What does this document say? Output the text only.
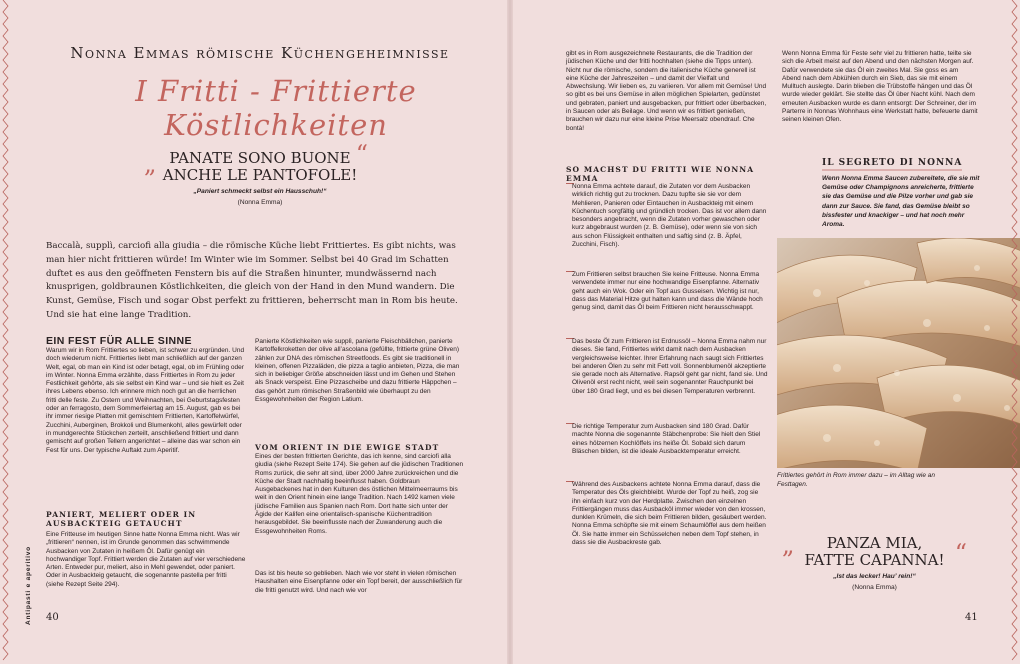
Nonna Emmas römische Küchengeheimnisse
I Fritti - Frittierte Köstlichkeiten
„	“
PANATE SONO BUONE
ANCHE LE PANTOFOLE!
„Paniert schmeckt selbst ein Hausschuh!“
(Nonna Emma)
Baccalà, supplì, carciofi alla giudia – die römische Küche liebt Frittiertes. Es gibt nichts, was man hier nicht frittieren würde! Im Winter wie im Sommer. Selbst bei 40 Grad im Schatten duftet es aus den geöffneten Fenstern bis auf die Straßen hinunter, mundwässernd nach knusprigen, goldbraunen Köstlichkeiten, die gleich von der Hand in den Mund wandern. Die Kunst, Gemüse, Fisch und sogar Obst perfekt zu frittieren, beherrscht man in Rom bis heute. Und sie hat eine lange Tradition.
EIN FEST FÜR ALLE SINNE
Warum wir in Rom Frittiertes so lieben, ist schwer zu ergründen. Und doch wiederum nicht. Frittiertes liebt man schließlich auf der ganzen Welt, egal, ob man ein Kind ist oder betagt, egal, ob im Frühling oder im Winter. Nonna Emma erzählte, dass Frittiertes in Rom zu jeder Festlichkeit gehörte, als sie selbst ein Kind war – und sie hielt es Zeit ihres Lebens ebenso. Ich erinnere mich noch gut an die herrlichen fritti delle feste. Zu Ostern und Weihnachten, bei Geburtstagsfesten oder an ferragosto, dem Sommerfeiertag am 15. August, gab es bei ihr immer riesige Platten mit gemischtem Frittierten, Kartoffelwürfel, Zucchini, Auberginen, Brokkoli und Blumenkohl, alles gewürfelt oder in mundgerechte Stückchen zerteilt, anschließend frittiert und dann gemischt auf großen Tellern angerichtet – alleine das war schon ein Fest für uns. Der typische Auftakt zum Aperitif.
PANIERT, MELIERT ODER IN AUSBACKTEIG GETAUCHT
Eine Fritteuse im heutigen Sinne hatte Nonna Emma nicht. Was wir „frittieren“ nennen, ist im Grunde genommen das schwimmende Ausbacken von Zutaten in heißem Öl. Dafür genügt ein hochwandiger Topf. Frittiert werden die Zutaten auf vier verschiedene Arten. Entweder pur, meliert, also in Mehl gewendet, oder paniert. Oder in Ausbackteig getaucht, die sogenannte pastella per fritti (siehe Rezept Seite 294).
Panierte Köstlichkeiten wie supplì, panierte Fleischbällchen, panierte Kartoffelkroketten der olive all’ascolana (gefüllte, frittierte grüne Oliven) zählen zur DNA des römischen Streetfoods. Es gibt sie traditionell in kleinen, offenen Pizzaläden, die pizza a taglio anbieten, Pizza, die man sich in beliebiger Größe abschneiden lässt und im Gehen und Stehen als Snack verspeist. Eine Pizzascheibe und dazu frittierte Häppchen – das gehört zum römischen Straßenbild wie überhaupt zu den Essgewohnheiten der Region Latium.
VOM ORIENT IN DIE EWIGE STADT
Eines der besten frittierten Gerichte, das ich kenne, sind carciofi alla giudia (siehe Rezept Seite 174). Sie gehen auf die jüdischen Traditionen Roms zurück, die sehr alt sind, über 2000 Jahre zurückreichen und die Küche der Stadt nachhaltig beeinflusst haben. Goldbraun Ausgebackenes hat in den Kulturen des östlichen Mittelmeerraums bis weit in den Orient hinein eine lange Tradition. Nach 1492 kamen viele jüdische Familien aus Spanien nach Rom. Dort hatte sich unter der Ägide der Kalifen eine orientalisch-spanische Küchentradition herausgebildet. Sie beeinflusste nach der Zuwanderung auch die Essgewohnheiten Roms.
Das ist bis heute so geblieben. Nach wie vor steht in vielen römischen Haushalten eine Eisenpfanne oder ein Topf bereit, der ausschließlich für die fritti genutzt wird. Und nach wie vor
Antipasti e aperitivo 40
gibt es in Rom ausgezeichnete Restaurants, die die Tradition der jüdischen Küche und der fritti hochhalten (siehe die Tipps unten). Nicht nur die römische, sondern die italienische Küche generell ist eine Küche der Jahreszeiten – und damit der Vielfalt und Abwechslung. Wir lieben es, zu variieren. Vor allem mit Gemüse! Und so gibt es bei uns Gemüse in allen möglichen Spielarten, gedünstet und gebraten, paniert und ausgebacken, pur frittiert oder überbacken, in Saucen oder als Beilage. Und wenn wir es frittiert genießen, brauchen wir dazu nur eine kleine Prise Meersalz obendrauf. Che bontà!
SO MACHST DU FRITTI WIE NONNA EMMA
Nonna Emma achtete darauf, die Zutaten vor dem Ausbacken wirklich richtig gut zu trocknen. Dazu tupfte sie sie vor dem Mehlieren, Panieren oder Eintauchen in Ausbackteig mit einem Küchentuch sorgfältig und gründlich trocken. Das ist vor allem dann besonders angebracht, wenn die Zutaten vorher gewaschen oder kurz abgebraust wurden (z. B. Gemüse), oder wenn sie von sich aus schon Flüssigkeit enthalten und saftig sind (z. B. Äpfel, Zucchini, Fisch).
Zum Frittieren selbst brauchen Sie keine Fritteuse. Nonna Emma verwendete immer nur eine hochwandige Eisenpfanne. Alternativ geht auch ein Wok. Oder ein Topf aus Gusseisen. Wichtig ist nur, dass das Material Hitze gut halten kann und dass die Wände hoch genug sind, damit das Öl beim Frittieren nicht herausschwappt.
Das beste Öl zum Frittieren ist Erdnussöl – Nonna Emma nahm nur dieses. Sie fand, Frittiertes wirkt damit nach dem Ausbacken vergleichsweise leichter. Ihrer Erfahrung nach saugt sich Frittiertes bei anderen Ölen zu sehr mit Fett voll. Sonnenblumenöl akzeptierte sie gerade noch als Alternative. Rapsöl geht gar nicht, fand sie. Und Olivenöl erst recht nicht, weil sein sogenannter Rauchpunkt bei über 180 Grad liegt, und es bei diesen Temperaturen verbrennt.
Die richtige Temperatur zum Ausbacken sind 180 Grad. Dafür machte Nonna die sogenannte Stäbchenprobe: Sie hielt den Stiel eines hölzernen Kochlöffels ins heiße Öl. Sobald sich darum Bläschen bilden, ist die ideale Ausbacktemperatur erreicht.
Während des Ausbackens achtete Nonna Emma darauf, dass die Temperatur des Öls gleichbleibt. Wurde der Topf zu heiß, zog sie ihn einfach kurz von der Herdplatte. Zwischen den einzelnen Frittiergängen muss das Ausbacköl immer wieder von den krossen, dunklen Krümeln, die sich beim Frittieren bilden, gesäubert werden. Nonna Emma schöpfte sie mit einem Schaumlöffel aus dem heißen Öl. Sie hatte immer ein Schüsselchen neben dem Topf stehen, in dass sie die Ausbackreste gab.
Wenn Nonna Emma für Feste sehr viel zu frittieren hatte, teilte sie sich die Arbeit meist auf den Abend und den nächsten Morgen auf. Dafür verwendete sie das Öl ein zweites Mal. Sie goss es am Abend nach dem Abkühlen durch ein Sieb, das sie mit einem Mulltuch auslegte. Darin blieben die Trübstoffe hängen und das Öl wurde wieder geklärt. Sie stellte das Öl über Nacht kühl. Nach dem erneuten Ausbacken wurde es dann entsorgt: Der Schreiner, der im Parterre in Nonnas Wohnhaus eine Werkstatt hatte, befeuerte damit seinen kleinen Ofen.
IL SEGRETO DI NONNA
Wenn Nonna Emma Saucen zubereitete, die sie mit Gemüse oder Champignons anreicherte, frittierte sie das Gemüse und die Pilze vorher und gab sie dann zur Sauce. Sie fand, das Gemüse bleibt so bissfester und knackiger – und hat noch mehr Aroma.
Frittiertes gehört in Rom immer dazu – im Alltag wie an Festtagen.
„	“
PANZA MIA,
FATTE CAPANNA!
„Ist das lecker! Hau’ rein!“
(Nonna Emma)
41
